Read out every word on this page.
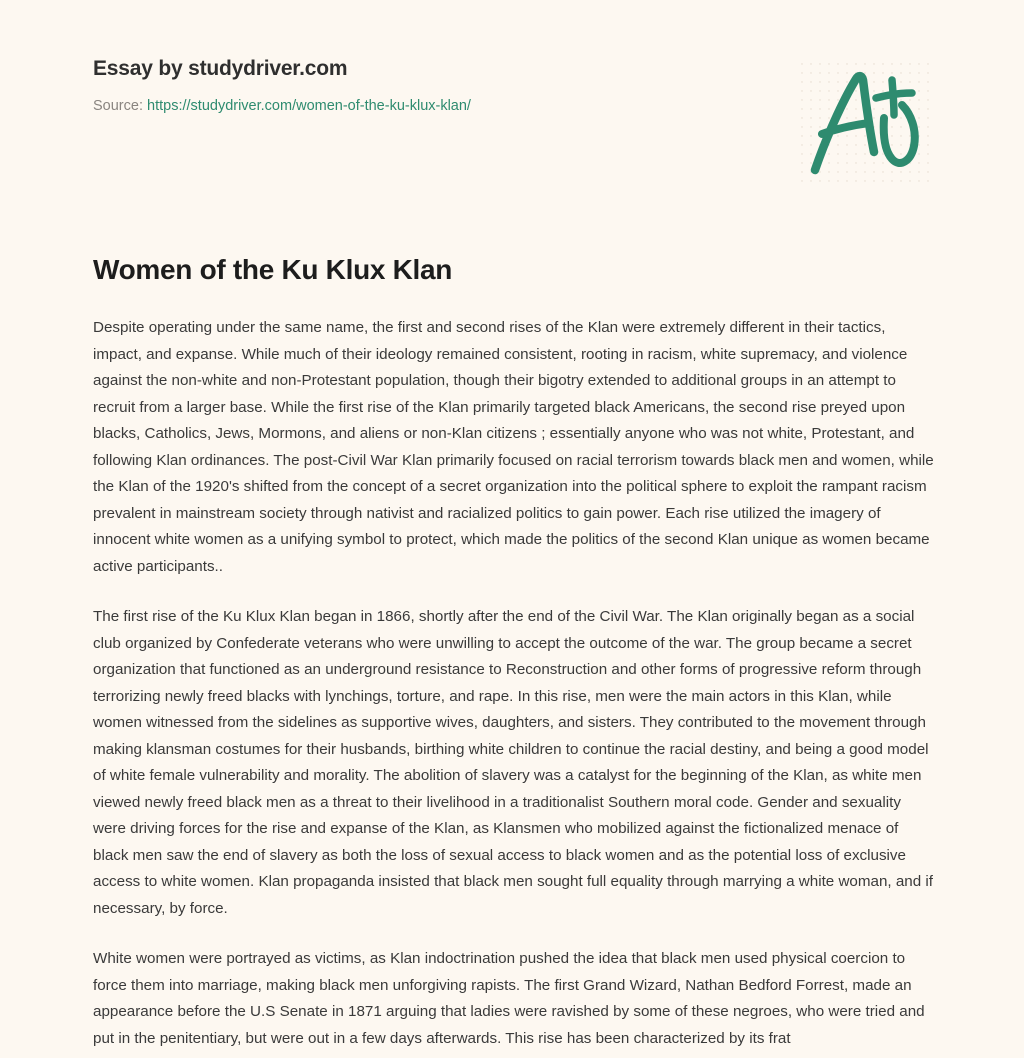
Essay by studydriver.com
Source: https://studydriver.com/women-of-the-ku-klux-klan/
Women of the Ku Klux Klan

Despite operating under the same name, the first and second rises of the Klan were extremely different in their tactics, impact, and expanse. While much of their ideology remained consistent, rooting in racism, white supremacy, and violence against the non-white and non-Protestant population, though their bigotry extended to additional groups in an attempt to recruit from a larger base. While the first rise of the Klan primarily targeted black Americans, the second rise preyed upon blacks, Catholics, Jews, Mormons, and aliens or non-Klan citizens ; essentially anyone who was not white, Protestant, and following Klan ordinances. The post-Civil War Klan primarily focused on racial terrorism towards black men and women, while the Klan of the 1920's shifted from the concept of a secret organization into the political sphere to exploit the rampant racism prevalent in mainstream society through nativist and racialized politics to gain power. Each rise utilized the imagery of innocent white women as a unifying symbol to protect, which made the politics of the second Klan unique as women became active participants..

The first rise of the Ku Klux Klan began in 1866, shortly after the end of the Civil War. The Klan originally began as a social club organized by Confederate veterans who were unwilling to accept the outcome of the war. The group became a secret organization that functioned as an underground resistance to Reconstruction and other forms of progressive reform through terrorizing newly freed blacks with lynchings, torture, and rape. In this rise, men were the main actors in this Klan, while women witnessed from the sidelines as supportive wives, daughters, and sisters. They contributed to the movement through making klansman costumes for their husbands, birthing white children to continue the racial destiny, and being a good model of white female vulnerability and morality. The abolition of slavery was a catalyst for the beginning of the Klan, as white men viewed newly freed black men as a threat to their livelihood in a traditionalist Southern moral code. Gender and sexuality were driving forces for the rise and expanse of the Klan, as Klansmen who mobilized against the fictionalized menace of black men saw the end of slavery as both the loss of sexual access to black women and as the potential loss of exclusive access to white women. Klan propaganda insisted that black men sought full equality through marrying a white woman, and if necessary, by force.

White women were portrayed as victims, as Klan indoctrination pushed the idea that black men used physical coercion to force them into marriage, making black men unforgiving rapists. The first Grand Wizard, Nathan Bedford Forrest, made an appearance before the U.S Senate in 1871 arguing that ladies were ravished by some of these negroes, who were tried and put in the penitentiary, but were out in a few days afterwards. This rise has been characterized by its frat
